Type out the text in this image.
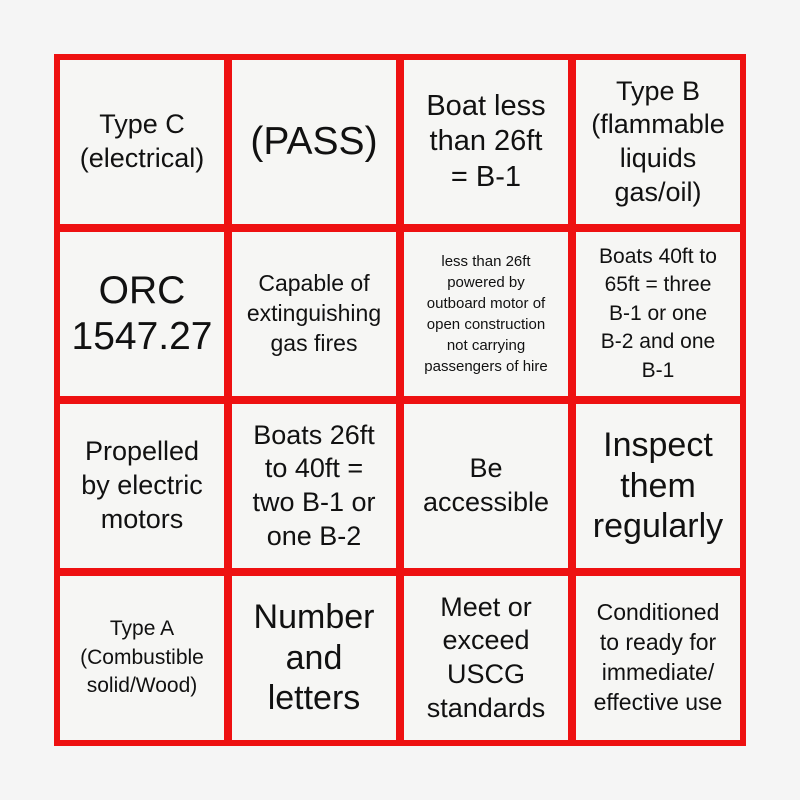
Type C
(electrical) (PASS)
Boat less
than 26ft
= B-1
Type B
(flammable
liquids
gas/oil)
ORC
1547.27
Capable of
extinguishing
gas fires
less than 26ft
powered by
outboard motor of
open construction
not carrying
passengers of hire
Boats 40ft to
65ft = three
B-1 or one
B-2 and one
B-1
Propelled
by electric
motors
Boats 26ft
to 40ft =
two B-1 or
one B-2
Be
accessible
Inspect
them
regularly
Type A
(Combustible
solid/Wood)
Number
and
letters
Meet or
exceed
USCG
standards
Conditioned
to ready for
immediate/
effective use
